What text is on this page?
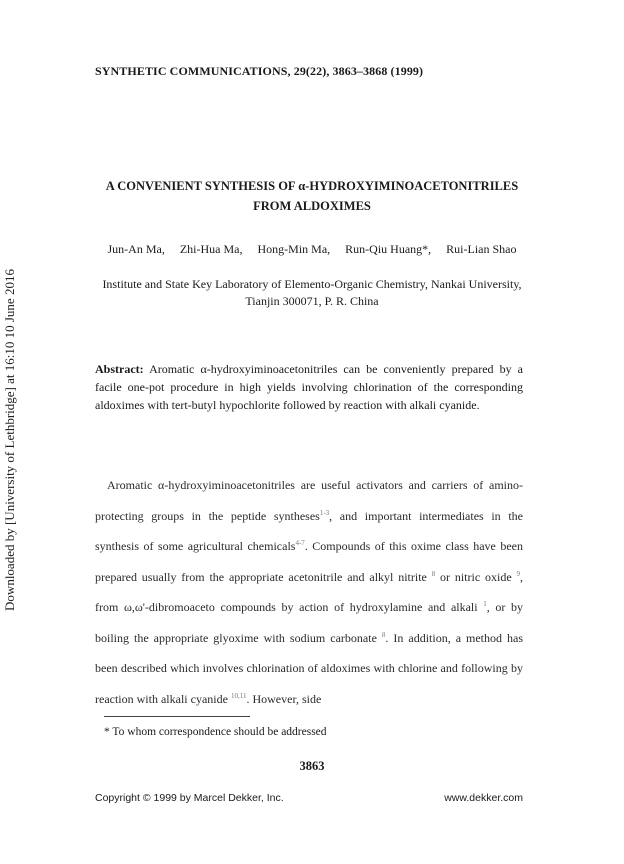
Downloaded by [University of Lethbridge] at 16:10 10 June 2016
SYNTHETIC COMMUNICATIONS, 29(22), 3863–3868 (1999)
A CONVENIENT SYNTHESIS OF α-HYDROXYIMINOACETONITRILES
FROM ALDOXIMES
Jun-An Ma, Zhi-Hua Ma, Hong-Min Ma, Run-Qiu Huang*, Rui-Lian Shao
Institute and State Key Laboratory of Elemento-Organic Chemistry, Nankai University,
Tianjin 300071, P. R. China
Abstract: Aromatic α-hydroxyiminoacetonitriles can be conveniently prepared by a facile one-pot procedure in high yields involving chlorination of the corresponding aldoximes with tert-butyl hypochlorite followed by reaction with alkali cyanide.
Aromatic α-hydroxyiminoacetonitriles are useful activators and carriers of amino-protecting groups in the peptide syntheses$^{1-3}$, and important intermediates in the synthesis of some agricultural chemicals$^{4-7}$. Compounds of this oxime class have been prepared usually from the appropriate acetonitrile and alkyl nitrite $^8$ or nitric oxide $^9$, from ω,ω'-dibromoaceto compounds by action of hydroxylamine and alkali $^1$, or by boiling the appropriate glyoxime with sodium carbonate $^8$. In addition, a method has been described which involves chlorination of aldoximes with chlorine and following by reaction with alkali cyanide $^{10,11}$. However, side
* To whom correspondence should be addressed
3863
Copyright © 1999 by Marcel Dekker, Inc.	www.dekker.com
